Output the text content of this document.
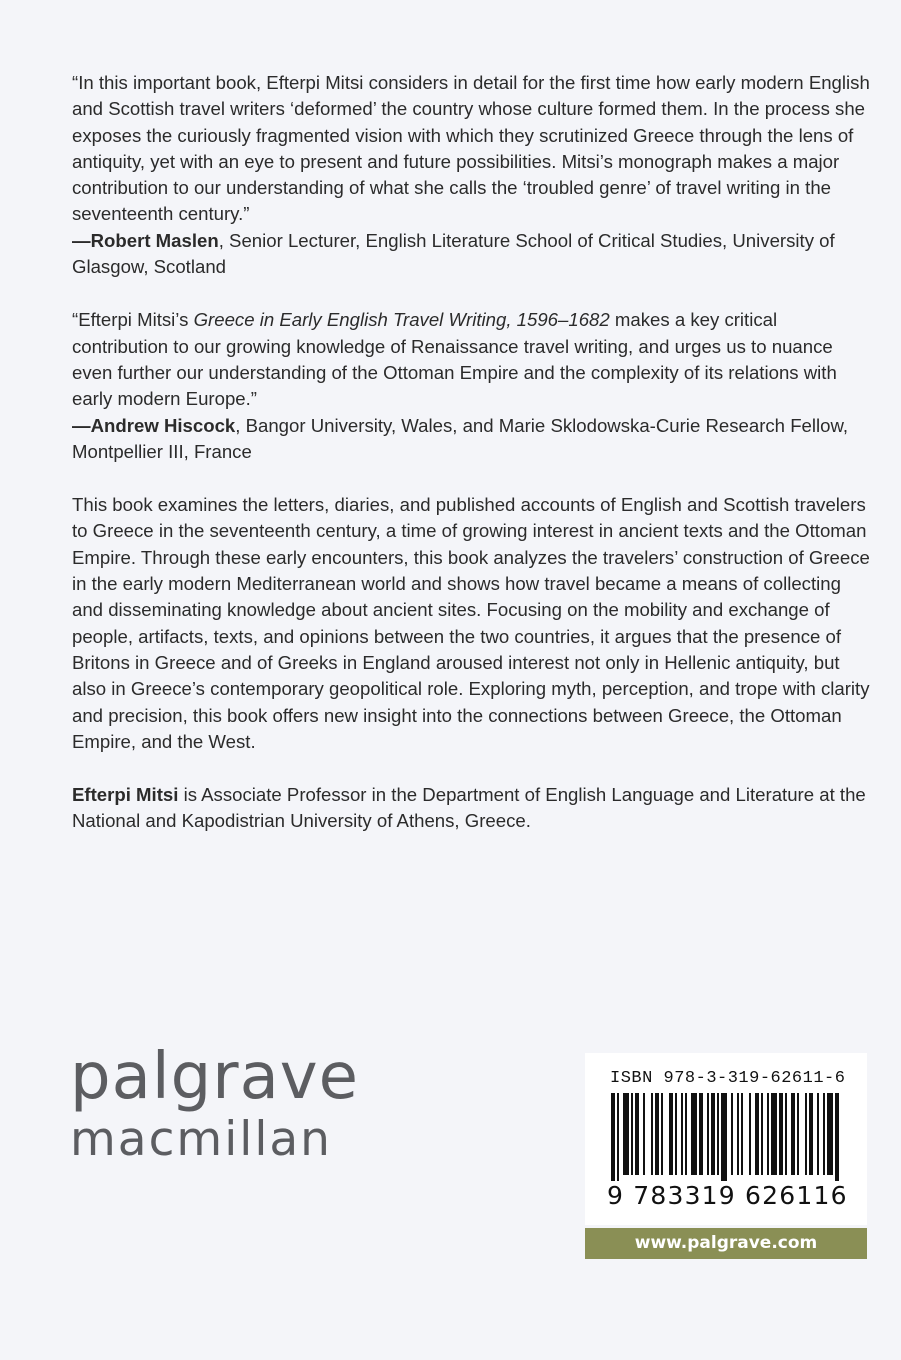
“In this important book, Efterpi Mitsi considers in detail for the first time how early modern English and Scottish travel writers ‘deformed’ the country whose culture formed them. In the process she exposes the curiously fragmented vision with which they scrutinized Greece through the lens of antiquity, yet with an eye to present and future possibilities. Mitsi’s monograph makes a major contribution to our understanding of what she calls the ‘troubled genre’ of travel writing in the seventeenth century.”

—Robert Maslen, Senior Lecturer, English Literature School of Critical Studies, University of Glasgow, Scotland

“Efterpi Mitsi’s Greece in Early English Travel Writing, 1596–1682 makes a key critical contribution to our growing knowledge of Renaissance travel writing, and urges us to nuance even further our understanding of the Ottoman Empire and the complexity of its relations with early modern Europe.”

—Andrew Hiscock, Bangor University, Wales, and Marie Sklodowska-Curie Research Fellow, Montpellier III, France

This book examines the letters, diaries, and published accounts of English and Scottish travelers to Greece in the seventeenth century, a time of growing interest in ancient texts and the Ottoman Empire. Through these early encounters, this book analyzes the travelers’ construction of Greece in the early modern Mediterranean world and shows how travel became a means of collecting and disseminating knowledge about ancient sites. Focusing on the mobility and exchange of people, artifacts, texts, and opinions between the two countries, it argues that the presence of Britons in Greece and of Greeks in England aroused interest not only in Hellenic antiquity, but also in Greece’s contemporary geopolitical role. Exploring myth, perception, and trope with clarity and precision, this book offers new insight into the connections between Greece, the Ottoman Empire, and the West.

Efterpi Mitsi is Associate Professor in the Department of English Language and Literature at the National and Kapodistrian University of Athens, Greece.

palgrave
macmillan
ISBN 978-3-319-62611-6
9 783319 626116
www.palgrave.com
